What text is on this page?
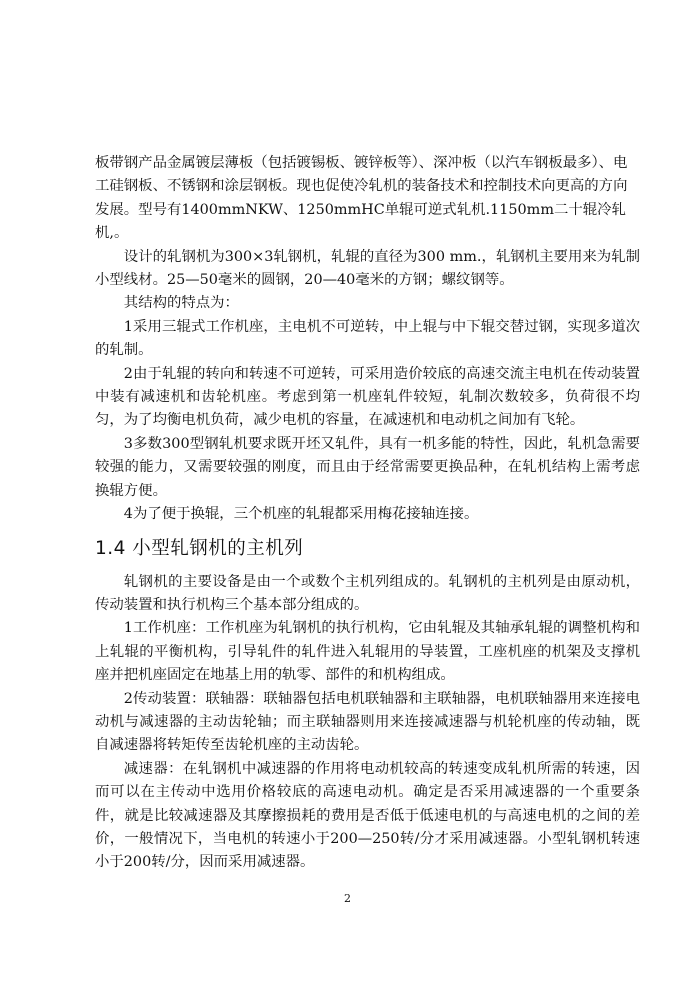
板带钢产品金属镀层薄板（包括镀锡板、镀锌板等）、深冲板（以汽车钢板最多）、电工硅钢板、不锈钢和涂层钢板。现也促使冷轧机的装备技术和控制技术向更高的方向发展。型号有1400mmNKW、1250mmHC单辊可逆式轧机.1150mm二十辊冷轧机,。

设计的轧钢机为300×3轧钢机，轧辊的直径为300 mm.，轧钢机主要用来为轧制小型线材。25—50毫米的圆钢，20—40毫米的方钢；螺纹钢等。

其结构的特点为：

1采用三辊式工作机座，主电机不可逆转，中上辊与中下辊交替过钢，实现多道次的轧制。

2由于轧辊的转向和转速不可逆转，可采用造价较底的高速交流主电机在传动装置中装有减速机和齿轮机座。考虑到第一机座轧件较短，轧制次数较多，负荷很不均匀，为了均衡电机负荷，减少电机的容量，在减速机和电动机之间加有飞轮。

3多数300型钢轧机要求既开坯又轧件，具有一机多能的特性，因此，轧机急需要较强的能力，又需要较强的刚度，而且由于经常需要更换品种，在轧机结构上需考虑换辊方便。

4为了便于换辊，三个机座的轧辊都采用梅花接轴连接。

1.4 小型轧钢机的主机列

轧钢机的主要设备是由一个或数个主机列组成的。轧钢机的主机列是由原动机，传动装置和执行机构三个基本部分组成的。

1工作机座：工作机座为轧钢机的执行机构，它由轧辊及其轴承轧辊的调整机构和上轧辊的平衡机构，引导轧件的轧件进入轧辊用的导装置，工座机座的机架及支撑机座并把机座固定在地基上用的轨零、部件的和机构组成。

2传动装置：联轴器：联轴器包括电机联轴器和主联轴器，电机联轴器用来连接电动机与减速器的主动齿轮轴；而主联轴器则用来连接减速器与机轮机座的传动轴，既自减速器将转矩传至齿轮机座的主动齿轮。

减速器：在轧钢机中减速器的作用将电动机较高的转速变成轧机所需的转速，因而可以在主传动中选用价格较底的高速电动机。确定是否采用减速器的一个重要条件，就是比较减速器及其摩擦损耗的费用是否低于低速电机的与高速电机的之间的差价，一般情况下，当电机的转速小于200—250转/分才采用减速器。小型轧钢机转速小于200转/分，因而采用减速器。

2
